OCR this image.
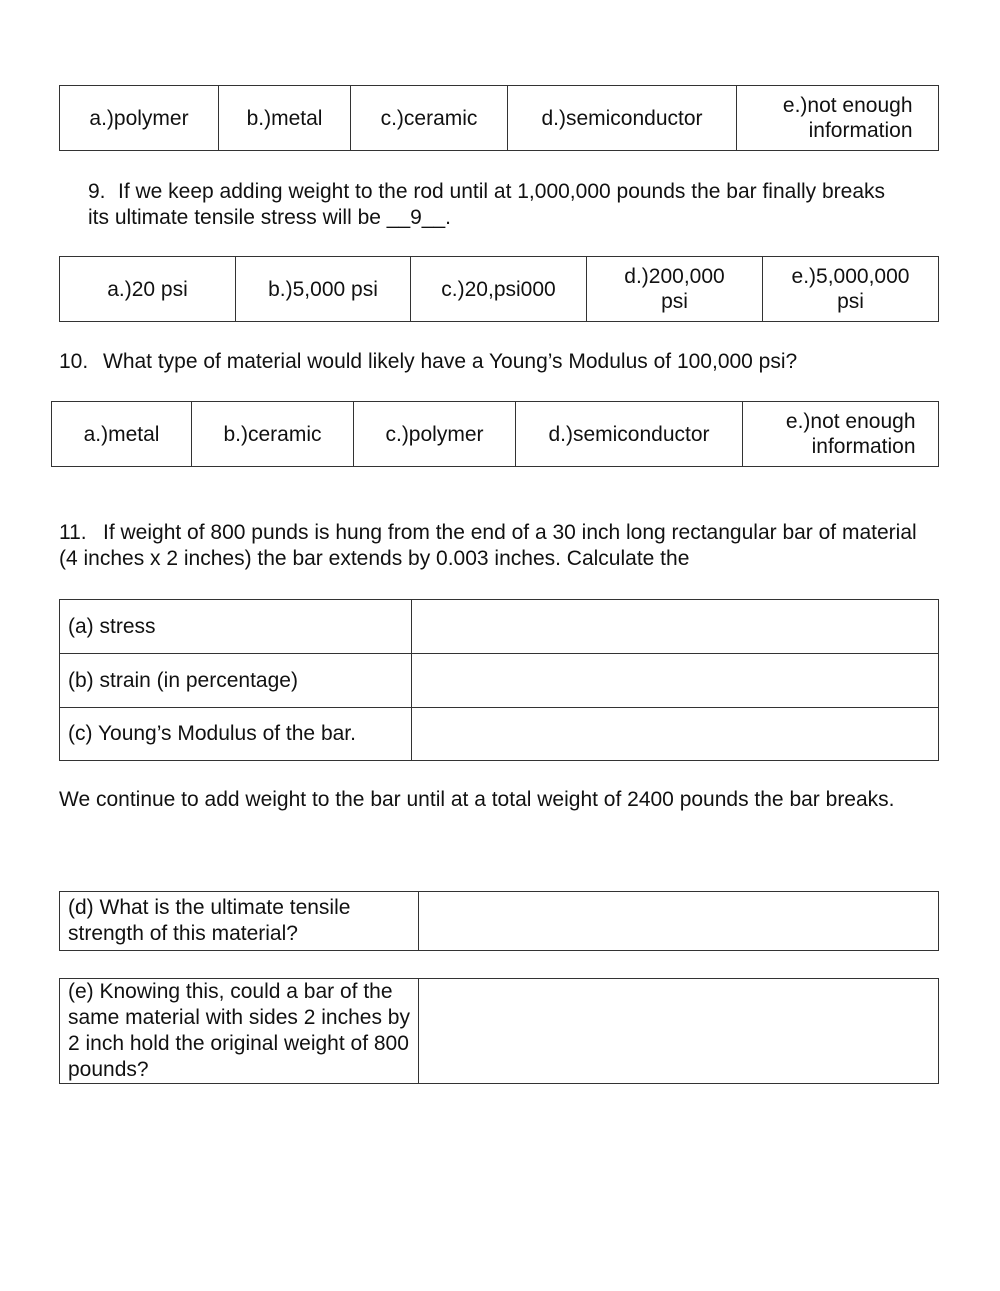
a.)polymer	b.)metal	c.)ceramic	d.)semiconductor	e.)not enough information
9. If we keep adding weight to the rod until at 1,000,000 pounds the bar finally breaks its ultimate tensile stress will be __9__.
a.)20 psi	b.)5,000 psi	c.)20,psi000	d.)200,000 psi	e.)5,000,000 psi
10. What type of material would likely have a Young’s Modulus of 100,000 psi?
a.)metal	b.)ceramic	c.)polymer	d.)semiconductor	e.)not enough information
11. If weight of 800 punds is hung from the end of a 30 inch long rectangular bar of material (4 inches x 2 inches) the bar extends by 0.003 inches. Calculate the
(a) stress	
(b) strain (in percentage)	
(c) Young’s Modulus of the bar.	
We continue to add weight to the bar until at a total weight of 2400 pounds the bar breaks.
(d) What is the ultimate tensile strength of this material?	
(e) Knowing this, could a bar of the same material with sides 2 inches by 2 inch hold the original weight of 800 pounds?	
